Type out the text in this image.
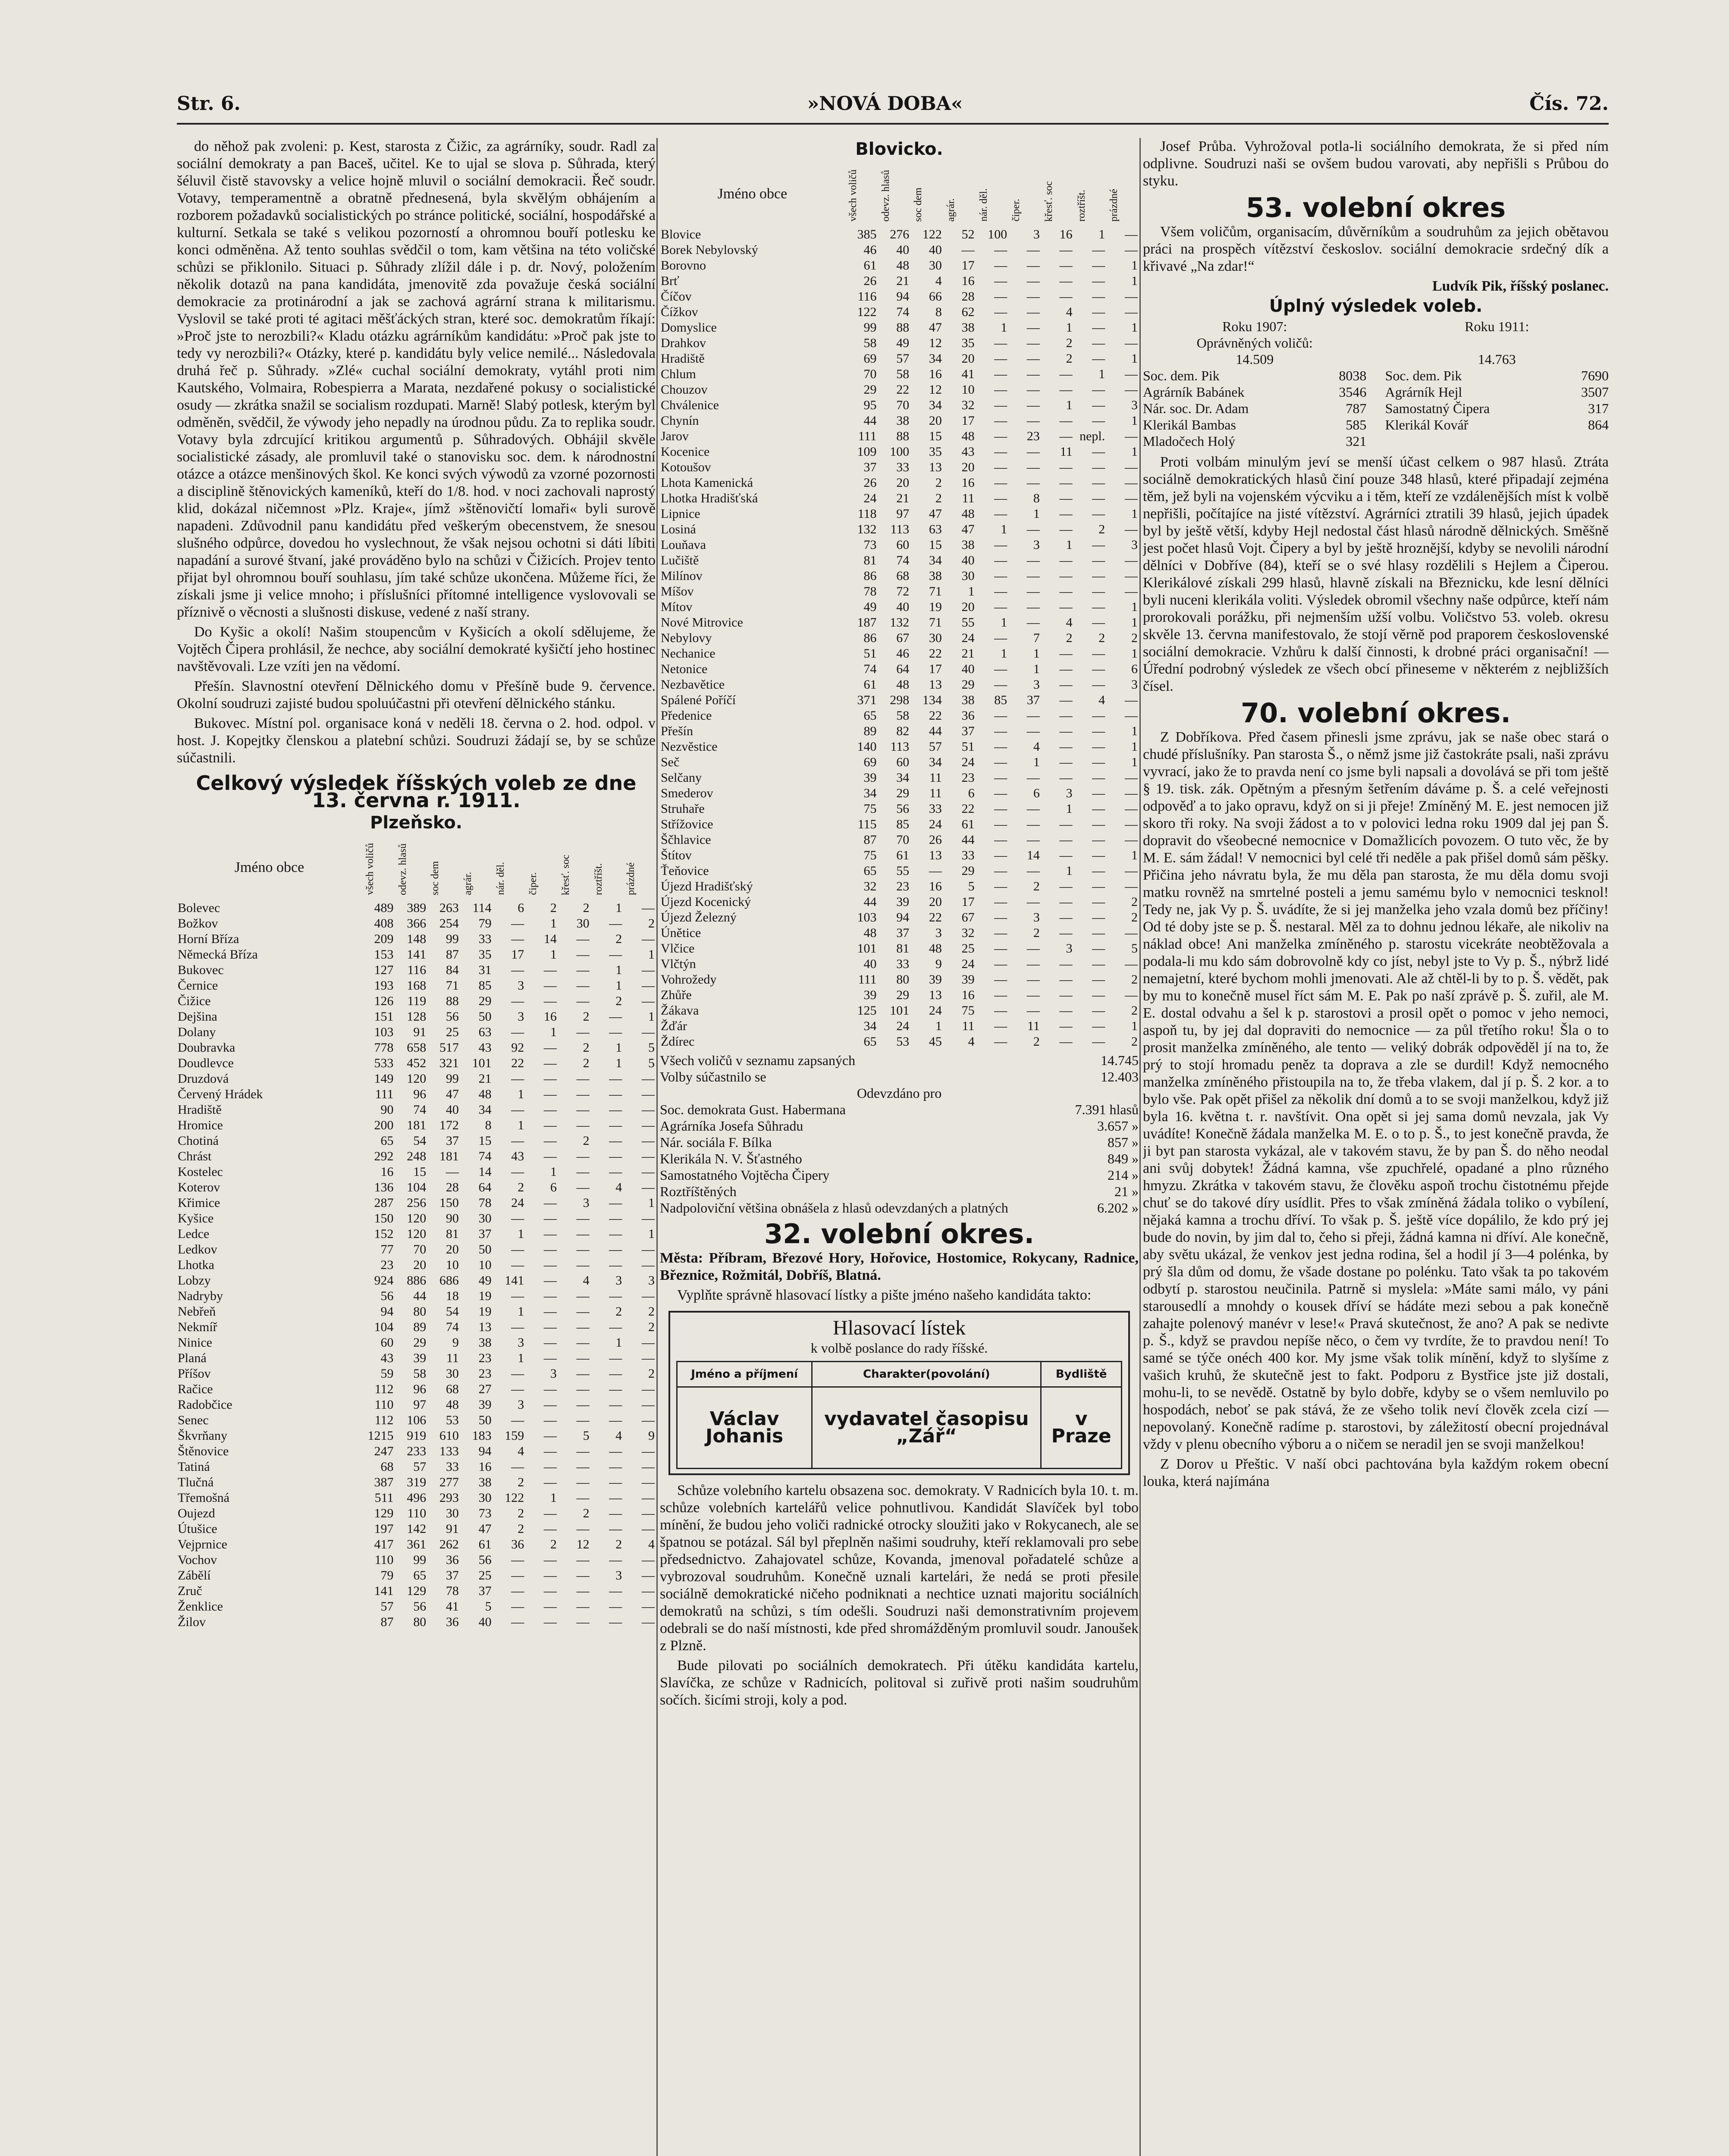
Str. 6.	»NOVÁ DOBA«	Čís. 72.

do něhož pak zvoleni: p. Kest, starosta z Čižic, za agrárníky, soudr. Radl za sociální demokraty a pan Baceš, učitel. Ke to ujal se slova p. Sůhrada, který šéluvil čistě stavovsky a velice hojně mluvil o sociální demokracii. Řeč soudr. Votavy, temperamentně a obratně přednesená, byla skvělým obhájením a rozborem požadavků socialistických po stránce politické, sociální, hospodářské a kulturní. Setkala se také s velikou pozorností a ohromnou bouří potlesku ke konci odměněna. Až tento souhlas svědčil o tom, kam většina na této voličské schůzi se přiklonilo. Situaci p. Sůhrady zlížil dále i p. dr. Nový, položením několik dotazů na pana kandidáta, jmenovitě zda považuje česká sociální demokracie za protinárodní a jak se zachová agrární strana k militarismu. Vyslovil se také proti té agitaci měšťáckých stran, které soc. demokratům říkají: »Proč jste to nerozbili?« Kladu otázku agrárníkům kandidátu: »Proč pak jste to tedy vy nerozbili?« Otázky, které p. kandidátu byly velice nemilé... Následovala druhá řeč p. Sůhrady. »Zlé« cuchal sociální demokraty, vytáhl proti nim Kautského, Volmaira, Robespierra a Marata, nezdařené pokusy o socialistické osudy — zkrátka snažil se socialism rozdupati. Marně! Slabý potlesk, kterým byl odměněn, svědčil, že výwody jeho nepadly na úrodnou půdu. Za to replika soudr. Votavy byla zdrcující kritikou argumentů p. Sůhradových. Obhájil skvěle socialistické zásady, ale promluvil také o stanovisku soc. dem. k národnostní otázce a otázce menšinových škol. Ke konci svých výwodů za vzorné pozornosti a disciplině štěnovických kameníků, kteří do 1/8. hod. v noci zachovali naprostý klid, dokázal ničemnost »Plz. Kraje«, jímž »štěnovičtí lomaři« byli surově napadeni. Zdůvodnil panu kandidátu před veškerým obecenstvem, že snesou slušného odpůrce, dovedou ho vyslechnout, že však nejsou ochotni si dáti líbiti napadání a surové štvaní, jaké prováděno bylo na schůzi v Čižicích. Projev tento přijat byl ohromnou bouří souhlasu, jím také schůze ukončena. Můžeme říci, že získali jsme ji velice mnoho; i příslušníci přítomné intelligence vyslovovali se příznivě o věcnosti a slušnosti diskuse, vedené z naší strany.

Do Kyšic a okolí! Našim stoupencům v Kyšicích a okolí sdělujeme, že Vojtěch Čipera prohlásil, že nechce, aby sociální demokraté kyšičtí jeho hostinec navštěvovali. Lze vzíti jen na vědomí.

Přešín. Slavnostní otevření Dělnického domu v Přešíně bude 9. července. Okolní soudruzi zajisté budou spoluúčastni při otevření dělnického stánku.

Bukovec. Místní pol. organisace koná v neděli 18. června o 2. hod. odpol. v host. J. Kopejtky členskou a platební schůzi. Soudruzi žádají se, by se schůze súčastnili.

Celkový výsledek říšských voleb ze dne 13. června r. 1911.
Plzeňsko.
Jméno obce	všech voličů	odevz. hlasů	soc dem	agrár.	nár. děl.	čiper.	křesť. soc	roztříšt.	prázdné
Bolevec	489	389	263	114	6	2	2	1	—
Božkov	408	366	254	79	—	1	30	—	2
Horní Bříza	209	148	99	33	—	14	—	2	—
Německá Bříza	153	141	87	35	17	1	—	—	1
Bukovec	127	116	84	31	—	—	—	1	—
Černice	193	168	71	85	3	—	—	1	—
Čižice	126	119	88	29	—	—	—	2	—
Dejšina	151	128	56	50	3	16	2	—	1
Dolany	103	91	25	63	—	1	—	—	—
Doubravka	778	658	517	43	92	—	2	1	5
Doudlevce	533	452	321	101	22	—	2	1	5
Druzdová	149	120	99	21	—	—	—	—	—
Červený Hrádek	111	96	47	48	1	—	—	—	—
Hradiště	90	74	40	34	—	—	—	—	—
Hromice	200	181	172	8	1	—	—	—	—
Chotiná	65	54	37	15	—	—	2	—	—
Chrást	292	248	181	74	43	—	—	—	—
Kostelec	16	15	—	14	—	1	—	—	—
Koterov	136	104	28	64	2	6	—	4	—
Křimice	287	256	150	78	24	—	3	—	1
Kyšice	150	120	90	30	—	—	—	—	—
Ledce	152	120	81	37	1	—	—	—	1
Ledkov	77	70	20	50	—	—	—	—	—
Lhotka	23	20	10	10	—	—	—	—	—
Lobzy	924	886	686	49	141	—	4	3	3
Nadryby	56	44	18	19	—	—	—	—	—
Nebřeň	94	80	54	19	1	—	—	2	2
Nekmíř	104	89	74	13	—	—	—	—	2
Ninice	60	29	9	38	3	—	—	1	—
Planá	43	39	11	23	1	—	—	—	—
Příšov	59	58	30	23	—	3	—	—	2
Račice	112	96	68	27	—	—	—	—	—
Radobčice	110	97	48	39	3	—	—	—	—
Senec	112	106	53	50	—	—	—	—	—
Škvrňany	1215	919	610	183	159	—	5	4	9
Štěnovice	247	233	133	94	4	—	—	—	—
Tatiná	68	57	33	16	—	—	—	—	—
Tlučná	387	319	277	38	2	—	—	—	—
Třemošná	511	496	293	30	122	1	—	—	—
Oujezd	129	110	30	73	2	—	2	—	—
Útušice	197	142	91	47	2	—	—	—	—
Vejprnice	417	361	262	61	36	2	12	2	4
Vochov	110	99	36	56	—	—	—	—	—
Zábělí	79	65	37	25	—	—	—	3	—
Zruč	141	129	78	37	—	—	—	—	—
Ženklice	57	56	41	5	—	—	—	—	—
Žilov	87	80	36	40	—	—	—	—	—
Blovicko.
Jméno obce	všech voličů	odevz. hlasů	soc dem	agrár.	nár. děl.	čiper.	křesť. soc	roztříšt.	prázdné
Blovice	385	276	122	52	100	3	16	1	—
Borek Nebylovský	46	40	40	—	—	—	—	—	—
Borovno	61	48	30	17	—	—	—	—	1
Brť	26	21	4	16	—	—	—	—	1
Číčov	116	94	66	28	—	—	—	—	—
Čížkov	122	74	8	62	—	—	4	—	—
Domyslice	99	88	47	38	1	—	1	—	1
Drahkov	58	49	12	35	—	—	2	—	—
Hradiště	69	57	34	20	—	—	2	—	1
Chlum	70	58	16	41	—	—	—	1	—
Chouzov	29	22	12	10	—	—	—	—	—
Chválenice	95	70	34	32	—	—	1	—	3
Chynín	44	38	20	17	—	—	—	—	1
Jarov	111	88	15	48	—	23	—	nepl.	—
Kocenice	109	100	35	43	—	—	11	—	1
Kotoušov	37	33	13	20	—	—	—	—	—
Lhota Kamenická	26	20	2	16	—	—	—	—	—
Lhotka Hradišťská	24	21	2	11	—	8	—	—	—
Lipnice	118	97	47	48	—	1	—	—	1
Losiná	132	113	63	47	1	—	—	2	—
Louňava	73	60	15	38	—	3	1	—	3
Lučiště	81	74	34	40	—	—	—	—	—
Milínov	86	68	38	30	—	—	—	—	—
Míšov	78	72	71	1	—	—	—	—	—
Mítov	49	40	19	20	—	—	—	—	1
Nové Mitrovice	187	132	71	55	1	—	4	—	1
Nebylovy	86	67	30	24	—	7	2	2	2
Nechanice	51	46	22	21	1	1	—	—	1
Netonice	74	64	17	40	—	1	—	—	6
Nezbavětice	61	48	13	29	—	3	—	—	3
Spálené Poříčí	371	298	134	38	85	37	—	4	—
Předenice	65	58	22	36	—	—	—	—	—
Přešín	89	82	44	37	—	—	—	—	1
Nezvěstice	140	113	57	51	—	4	—	—	1
Seč	69	60	34	24	—	1	—	—	1
Selčany	39	34	11	23	—	—	—	—	—
Smederov	34	29	11	6	—	6	3	—	—
Struhaře	75	56	33	22	—	—	1	—	—
Střížovice	115	85	24	61	—	—	—	—	—
Ščhlavice	87	70	26	44	—	—	—	—	—
Štítov	75	61	13	33	—	14	—	—	1
Ťeňovice	65	55	—	29	—	—	1	—	—
Újezd Hradišťský	32	23	16	5	—	2	—	—	—
Újezd Kocenický	44	39	20	17	—	—	—	—	2
Újezd Železný	103	94	22	67	—	3	—	—	2
Únětice	48	37	3	32	—	2	—	—	—
Vlčice	101	81	48	25	—	—	3	—	5
Vlčtýn	40	33	9	24	—	—	—	—	—
Vohrožedy	111	80	39	39	—	—	—	—	2
Zhůře	39	29	13	16	—	—	—	—	—
Žákava	125	101	24	75	—	—	—	—	2
Žďár	34	24	1	11	—	11	—	—	1
Ždírec	65	53	45	4	—	2	—	—	2
Všech voličů v seznamu zapsaných	14.745
Volby súčastnilo se	12.403
Odevzdáno pro
Soc. demokrata Gust. Habermana	7.391 hlasů
Agrárníka Josefa Sůhradu	3.657 »
Nár. sociála F. Bílka	857 »
Klerikála N. V. Šťastného	849 »
Samostatného Vojtěcha Čipery	214 »
Roztříštěných	21 »
Nadpoloviční většina obnášela z hlasů odevzdaných a platných	6.202 »
32. volební okres.

Města: Příbram, Březové Hory, Hořovice, Hostomice, Rokycany, Radnice, Březnice, Rožmitál, Dobříš, Blatná.

Vyplňte správně hlasovací lístky a pište jméno našeho kandidáta takto:

Hlasovací lístek
k volbě poslance do rady říšské.
Jméno a příjmení	Charakter(povolání)	Bydliště
Václav Johanis	vydavatel časopisu „Zář“	v Praze

Schůze volebního kartelu obsazena soc. demokraty. V Radnicích byla 10. t. m. schůze volebních kartelářů velice pohnutlivou. Kandidát Slavíček byl tobo mínění, že budou jeho voliči radnické otrocky sloužiti jako v Rokycanech, ale se špatnou se potázal. Sál byl přeplněn našimi soudruhy, kteří reklamovali pro sebe předsednictvo. Zahajovatel schůze, Kovanda, jmenoval pořadatelé schůze a vybrozoval soudruhům. Konečně uznali kartelári, že nedá se proti přesile sociálně demokratické ničeho podniknati a nechtice uznati majoritu sociálních demokratů na schůzi, s tím odešli. Soudruzi naši demonstrativním projevem odebrali se do naší místnosti, kde před shromážděným promluvil soudr. Janoušek z Plzně.

Bude pilovati po sociálních demokratech. Při útěku kandidáta kartelu, Slavíčka, ze schůze v Radnicích, politoval si zuřivě proti našim soudruhům sočích. šicími stroji, koly a pod.

Josef Průba. Vyhrožoval potla-li sociálního demokrata, že si před ním odplivne. Soudruzi naši se ovšem budou varovati, aby nepřišli s Průbou do styku.

53. volební okres

Všem voličům, organisacím, důvěrníkům a soudruhům za jejich obětavou práci na prospěch vítězství českoslov. sociální demokracie srdečný dík a křivavé „Na zdar!“

Ludvík Pik, říšský poslanec.

Úplný výsledek voleb.
Roku 1907:
Oprávněných voličů:
14.509
Soc. dem. Pik	8038
Agrárník Babánek	3546
Nár. soc. Dr. Adam	787
Klerikál Bambas	585
Mladočech Holý	321
Roku 1911:

14.763
Soc. dem. Pik	7690
Agrárník Hejl	3507
Samostatný Čipera	317
Klerikál Kovář	864

Proti volbám minulým jeví se menší účast celkem o 987 hlasů. Ztráta sociálně demokratických hlasů činí pouze 348 hlasů, které připadají zejména těm, jež byli na vojenském výcviku a i těm, kteří ze vzdálenějších míst k volbě nepřišli, počítajíce na jisté vítězství. Agrárníci ztratili 39 hlasů, jejich úpadek byl by ještě větší, kdyby Hejl nedostal část hlasů národně dělnických. Směšně jest počet hlasů Vojt. Čipery a byl by ještě hroznější, kdyby se nevolili národní dělníci v Dobříve (84), kteří se o své hlasy rozdělili s Hejlem a Čiperou. Klerikálové získali 299 hlasů, hlavně získali na Březnicku, kde lesní dělníci byli nuceni klerikála voliti. Výsledek obromil všechny naše odpůrce, kteří nám prorokovali porážku, při nejmenším užší volbu. Voličstvo 53. voleb. okresu skvěle 13. června manifestovalo, že stojí věrně pod praporem československé sociální demokracie. Vzhůru k další činnosti, k drobné práci organisační! — Úřední podrobný výsledek ze všech obcí přineseme v některém z nejbližších čísel.

70. volební okres.

Z Dobříkova. Před časem přinesli jsme zprávu, jak se naše obec stará o chudé příslušníky. Pan starosta Š., o němž jsme již častokráte psali, naši zprávu vyvrací, jako že to pravda není co jsme byli napsali a dovolává se při tom ještě § 19. tisk. zák. Opětným a přesným šetřením dáváme p. Š. a celé veřejnosti odpověď a to jako opravu, když on si ji přeje! Zmíněný M. E. jest nemocen již skoro tři roky. Na svoji žádost a to v polovici ledna roku 1909 dal jej pan Š. dopravit do všeobecné nemocnice v Domažlicích povozem. O tuto věc, že by M. E. sám žádal! V nemocnici byl celé tři neděle a pak přišel domů sám pěšky. Přičina jeho návratu byla, že mu děla pan starosta, že mu děla domu svoji matku rovněž na smrtelné posteli a jemu samému bylo v nemocnici tesknol! Tedy ne, jak Vy p. Š. uvádíte, že si jej manželka jeho vzala domů bez příčiny! Od té doby jste se p. Š. nestaral. Měl za to dohnu jednou lékaře, ale nikoliv na náklad obce! Ani manželka zmíněného p. starostu vicekráte neobtěžovala a podala-li mu kdo sám dobrovolně kdy co jíst, nebyl jste to Vy p. Š., nýbrž lidé nemajetní, které bychom mohli jmenovati. Ale až chtěl-li by to p. Š. vědět, pak by mu to konečně musel říct sám M. E. Pak po naší zprávě p. Š. zuřil, ale M. E. dostal odvahu a šel k p. starostovi a prosil opět o pomoc v jeho nemoci, aspoň tu, by jej dal dopraviti do nemocnice — za půl třetího roku! Šla o to prosit manželka zmíněného, ale tento — veliký dobrák odpověděl jí na to, že prý to stojí hromadu peněz ta doprava a zle se durdil! Když nemocného manželka zmíněného přistoupila na to, že třeba vlakem, dal jí p. Š. 2 kor. a to bylo vše. Pak opět přišel za několik dní domů a to se svoji manželkou, když již byla 16. května t. r. navštívit. Ona opět si jej sama domů nevzala, jak Vy uvádíte! Konečně žádala manželka M. E. o to p. Š., to jest konečně pravda, že ji byt pan starosta vykázal, ale v takovém stavu, že by pan Š. do něho neodal ani svůj dobytek! Žádná kamna, vše zpuchřelé, opadané a plno různého hmyzu. Zkrátka v takovém stavu, že člověku aspoň trochu čistotnému přejde chuť se do takové díry usídlit. Přes to však zmíněná žádala toliko o vybílení, nějaká kamna a trochu dříví. To však p. Š. ještě více dopálilo, že kdo prý jej bude do novin, by jim dal to, čeho si přeji, žádná kamna ni dříví. Ale konečně, aby světu ukázal, že venkov jest jedna rodina, šel a hodil jí 3—4 polénka, by prý šla dům od domu, že všade dostane po polénku. Tato však ta po takovém odbytí p. starostou neučinila. Patrně si myslela: »Máte sami málo, vy páni starousedlí a mnohdy o kousek dříví se hádáte mezi sebou a pak konečně zahajte polenový manévr v lese!« Pravá skutečnost, že ano? A pak se nedivte p. Š., když se pravdou nepíše něco, o čem vy tvrdíte, že to pravdou není! To samé se týče onéch 400 kor. My jsme však tolik mínění, když to slyšíme z vašich kruhů, že skutečně jest to fakt. Podporu z Bystřice jste již dostali, mohu-li, to se nevědě. Ostatně by bylo dobře, kdyby se o všem nemluvilo po hospodách, neboť se pak stává, že ze všeho tolik neví člověk zcela cizí — nepovolaný. Konečně radíme p. starostovi, by záležitostí obecní projednával vždy v plenu obecního výboru a o ničem se neradil jen se svoji manželkou!

Z Dorov u Přeštic. V naší obci pachtována byla každým rokem obecní louka, která najímána
